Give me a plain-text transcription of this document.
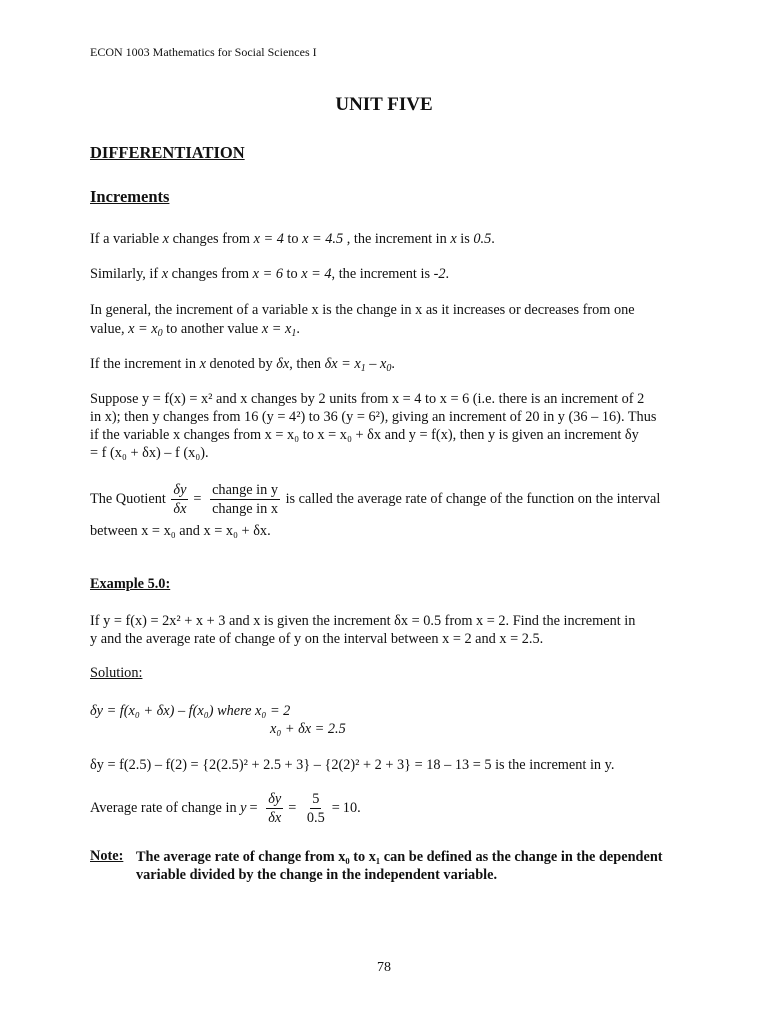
ECON 1003 Mathematics for Social Sciences I
UNIT FIVE
DIFFERENTIATION
Increments
If a variable x changes from x = 4 to x = 4.5 , the increment in x is 0.5.
Similarly, if x changes from x = 6 to x = 4, the increment is -2.
In general, the increment of a variable x is the change in x as it increases or decreases from one
value, $x = x_0$ to another value $x = x_1$.
If the increment in x denoted by δx, then $\delta x = x_1 - x_0$.
Suppose y = f(x) = x² and x changes by 2 units from x = 4 to x = 6 (i.e. there is an increment of 2
in x); then y changes from 16 (y = 4²) to 36 (y = 6²), giving an increment of 20 in y (36 – 16). Thus
if the variable x changes from x = x₀ to x = x₀ + δx and y = f(x), then y is given an increment δy
= f (x₀ + δx) – f (x₀).
The Quotient $\frac{\delta y}{\delta x} = \frac{\text{change in y}}{\text{change in x}}$ is called the average rate of change of the function on the interval
between x = x₀ and x = x₀ + δx.
Example 5.0:
If y = f(x) = 2x² + x + 3 and x is given the increment δx = 0.5 from x = 2. Find the increment in
y and the average rate of change of y on the interval between x = 2 and x = 2.5.
Solution:
δy = f(x₀ + δx) – f(x₀) where x₀ = 2
x₀ + δx = 2.5
δy = f(2.5) – f(2) = {2(2.5)² + 2.5 + 3} – {2(2)² + 2 + 3} = 18 – 13 = 5 is the increment in y.
Average rate of change in $y = \frac{\delta y}{\delta x} = \frac{5}{0.5} = 10$.
Note: The average rate of change from x₀ to x₁ can be defined as the change in the dependent variable divided by the change in the independent variable.
78
